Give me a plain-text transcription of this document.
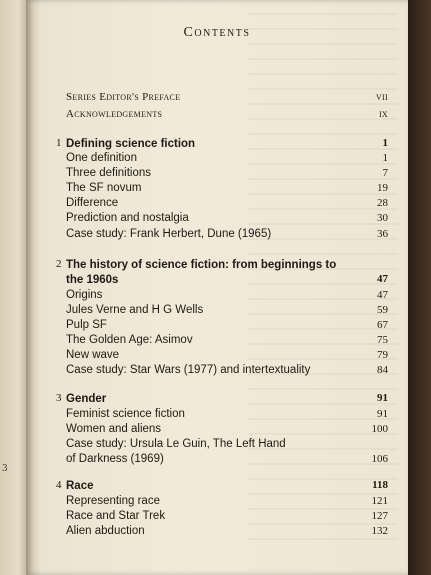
3
Contents
Series Editor's Preface	vii
Acknowledgements	ix
1 Defining science fiction	1
One definition	1
Three definitions	7
The SF novum	19
Difference	28
Prediction and nostalgia	30
Case study: Frank Herbert, Dune (1965)	36
2 The history of science fiction: from beginnings to the 1960s	47
Origins	47
Jules Verne and H G Wells	59
Pulp SF	67
The Golden Age: Asimov	75
New wave	79
Case study: Star Wars (1977) and intertextuality	84
3 Gender	91
Feminist science fiction	91
Women and aliens	100
Case study: Ursula Le Guin, The Left Hand of Darkness (1969)	106
4 Race	118
Representing race	121
Race and Star Trek	127
Alien abduction	132
